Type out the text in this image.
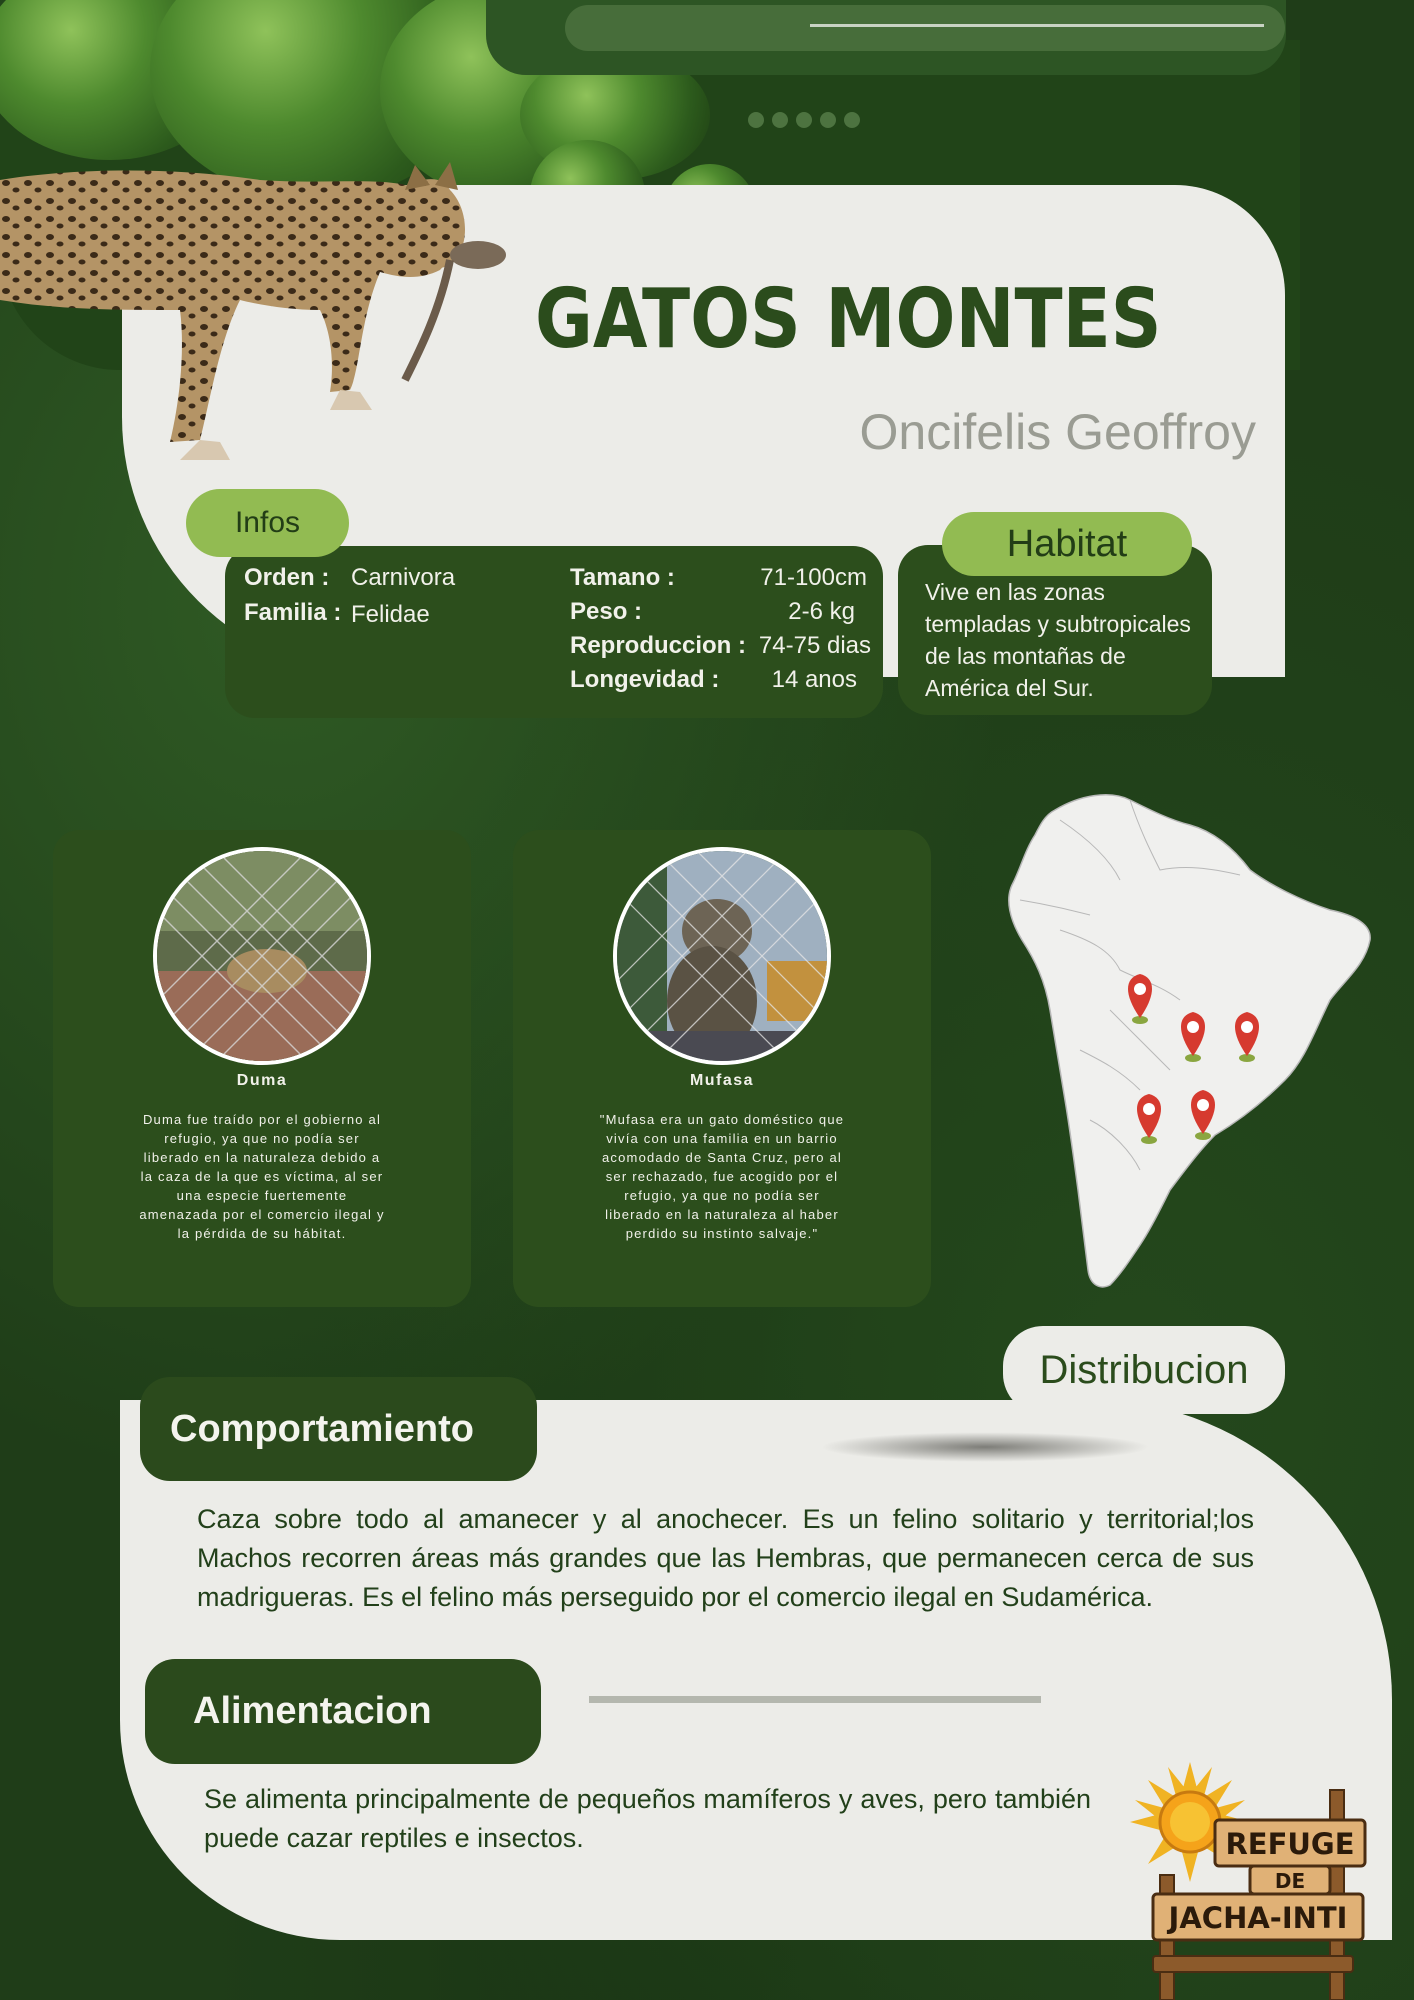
GATOS MONTES
Oncifelis Geoffroy
Orden : Carnivora
Familia : Felidae
Tamano :	71-100cm
Peso :	2-6 kg
Reproduccion : 74-75 dias
Longevidad : 14 anos
Infos	Habitat
Vive en las zonas templadas y subtropicales de las montañas de América del Sur.
Duma
Duma fue traído por el gobierno al refugio, ya que no podía ser liberado en la naturaleza debido a la caza de la que es víctima, al ser una especie fuertemente amenazada por el comercio ilegal y la pérdida de su hábitat.
Mufasa
"Mufasa era un gato doméstico que vivía con una familia en un barrio acomodado de Santa Cruz, pero al ser rechazado, fue acogido por el refugio, ya que no podía ser liberado en la naturaleza al haber perdido su instinto salvaje."
Distribucion
Comportamiento
Caza sobre todo al amanecer y al anochecer. Es un felino solitario y territorial;los Machos recorren áreas más grandes que las Hembras, que permanecen cerca de sus madrigueras. Es el felino más perseguido por el comercio ilegal en Sudamérica.
Alimentacion
Se alimenta principalmente de pequeños mamíferos y aves, pero también puede cazar reptiles e insectos.	REFUGE
DE
JACHA-INTI
